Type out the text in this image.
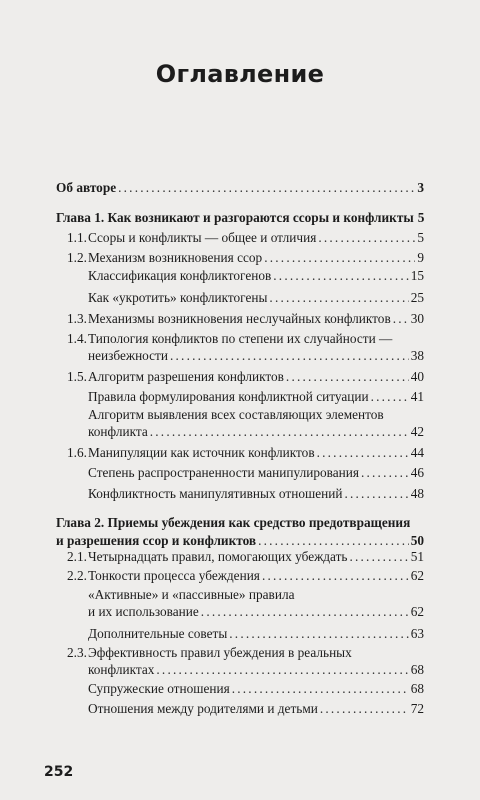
Оглавление
Об авторе .....	3
Глава 1. Как возникают и разгораются ссоры и конфликты 5
1.1. Ссоры и конфликты — общее и отличия .....	5
1.2. Механизм возникновения ссор .....	9
Классификация конфликтогенов .....	15
Как «укротить» конфликтогены .....	25
1.3. Механизмы возникновения неслучайных конфликтов ..... 30
1.4. Типология конфликтов по степени их случайности —
неизбежности .....	38
1.5. Алгоритм разрешения конфликтов .....	40
Правила формулирования конфликтной ситуации .....	41
Алгоритм выявления всех составляющих элементов
конфликта .....	42
1.6. Манипуляции как источник конфликтов .....	44
Степень распространенности манипулирования .....	46
Конфликтность манипулятивных отношений .....	48
Глава 2. Приемы убеждения как средство предотвращения
и разрешения ссор и конфликтов .....	50
2.1. Четырнадцать правил, помогающих убеждать .....	51
2.2. Тонкости процесса убеждения .....	62
«Активные» и «пассивные» правила
и их использование .....	62
Дополнительные советы .....	63
2.3. Эффективность правил убеждения в реальных
конфликтах .....	68
Супружеские отношения .....	68
Отношения между родителями и детьми .....	72
252
